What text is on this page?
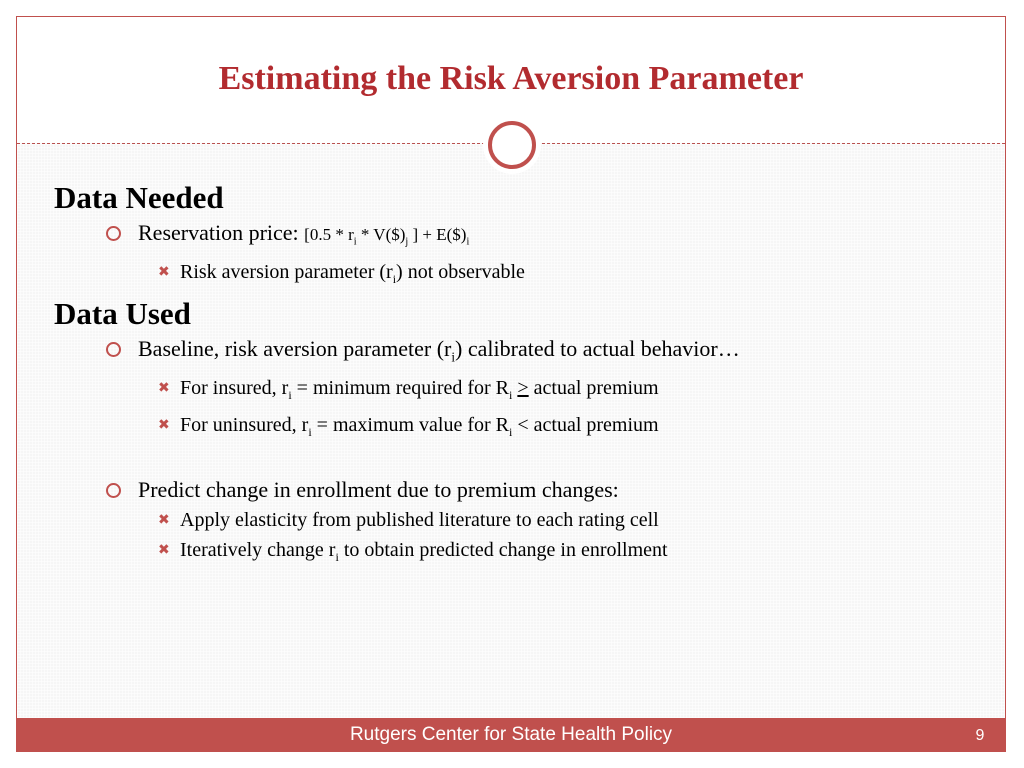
Estimating the Risk Aversion Parameter
Data Needed
Reservation price: [$0.5 * r_i$ * $V(\$)_j$ ] + $E(\$)_i$
✖ Risk aversion parameter $(r_i)$ not observable
Data Used
Baseline, risk aversion parameter $(r_i)$ calibrated to actual behavior…
✖ For insured, $r_i$ = minimum required for $R_i$ > actual premium
✖ For uninsured, $r_i$ = maximum value for $R_i$ < actual premium
Predict change in enrollment due to premium changes:
✖ Apply elasticity from published literature to each rating cell
✖ Iteratively change $r_i$ to obtain predicted change in enrollment
Rutgers Center for State Health Policy	9
